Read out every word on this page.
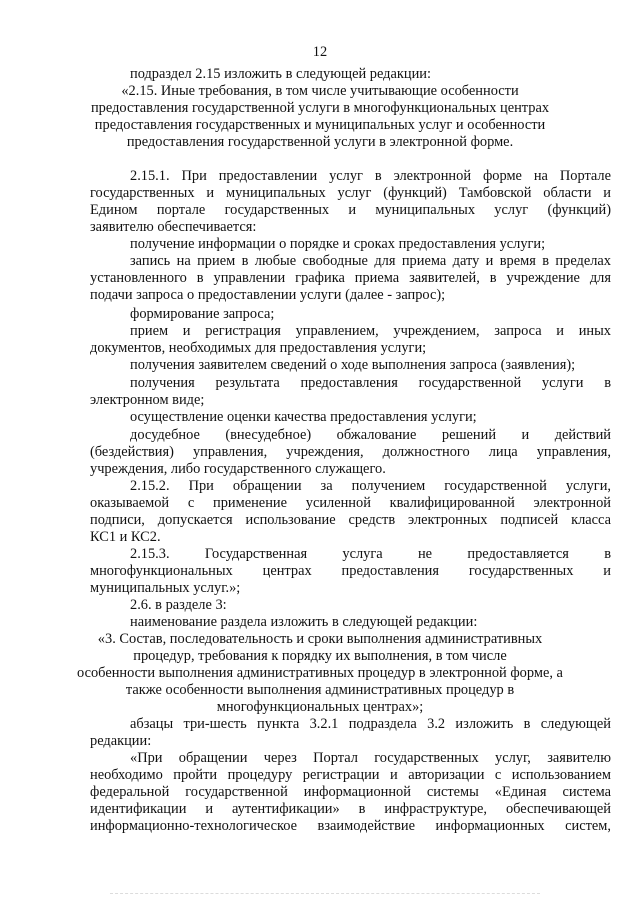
12
подраздел 2.15 изложить в следующей редакции:
«2.15. Иные требования, в том числе учитывающие особенности
предоставления государственной услуги в многофункциональных центрах
предоставления государственных и муниципальных услуг и особенности
предоставления государственной услуги в электронной форме.
2.15.1. При предоставлении услуг в электронной форме на Портале
государственных и муниципальных услуг (функций) Тамбовской области и
Едином портале государственных и муниципальных услуг (функций)
заявителю обеспечивается:
получение информации о порядке и сроках предоставления услуги;
запись на прием в любые свободные для приема дату и время в пределах
установленного в управлении графика приема заявителей, в учреждение для
подачи запроса о предоставлении услуги (далее - запрос);
формирование запроса;
прием и регистрация управлением, учреждением, запроса и иных
документов, необходимых для предоставления услуги;
получения заявителем сведений о ходе выполнения запроса (заявления);
получения результата предоставления государственной услуги в
электронном виде;
осуществление оценки качества предоставления услуги;
досудебное (внесудебное) обжалование решений и действий
(бездействия) управления, учреждения, должностного лица управления,
учреждения, либо государственного служащего.
2.15.2. При обращении за получением государственной услуги,
оказываемой с применение усиленной квалифицированной электронной
подписи, допускается использование средств электронных подписей класса
КС1 и КС2.
2.15.3. Государственная услуга не предоставляется в
многофункциональных центрах предоставления государственных и
муниципальных услуг.»;
2.6. в разделе 3:
наименование раздела изложить в следующей редакции:
«3. Состав, последовательность и сроки выполнения административных
процедур, требования к порядку их выполнения, в том числе
особенности выполнения административных процедур в электронной форме, а
также особенности выполнения административных процедур в
многофункциональных центрах»;
абзацы три-шесть пункта 3.2.1 подраздела 3.2 изложить в следующей
редакции:
«При обращении через Портал государственных услуг, заявителю
необходимо пройти процедуру регистрации и авторизации с использованием
федеральной государственной информационной системы «Единая система
идентификации и аутентификации» в инфраструктуре, обеспечивающей
информационно-технологическое взаимодействие информационных систем,
